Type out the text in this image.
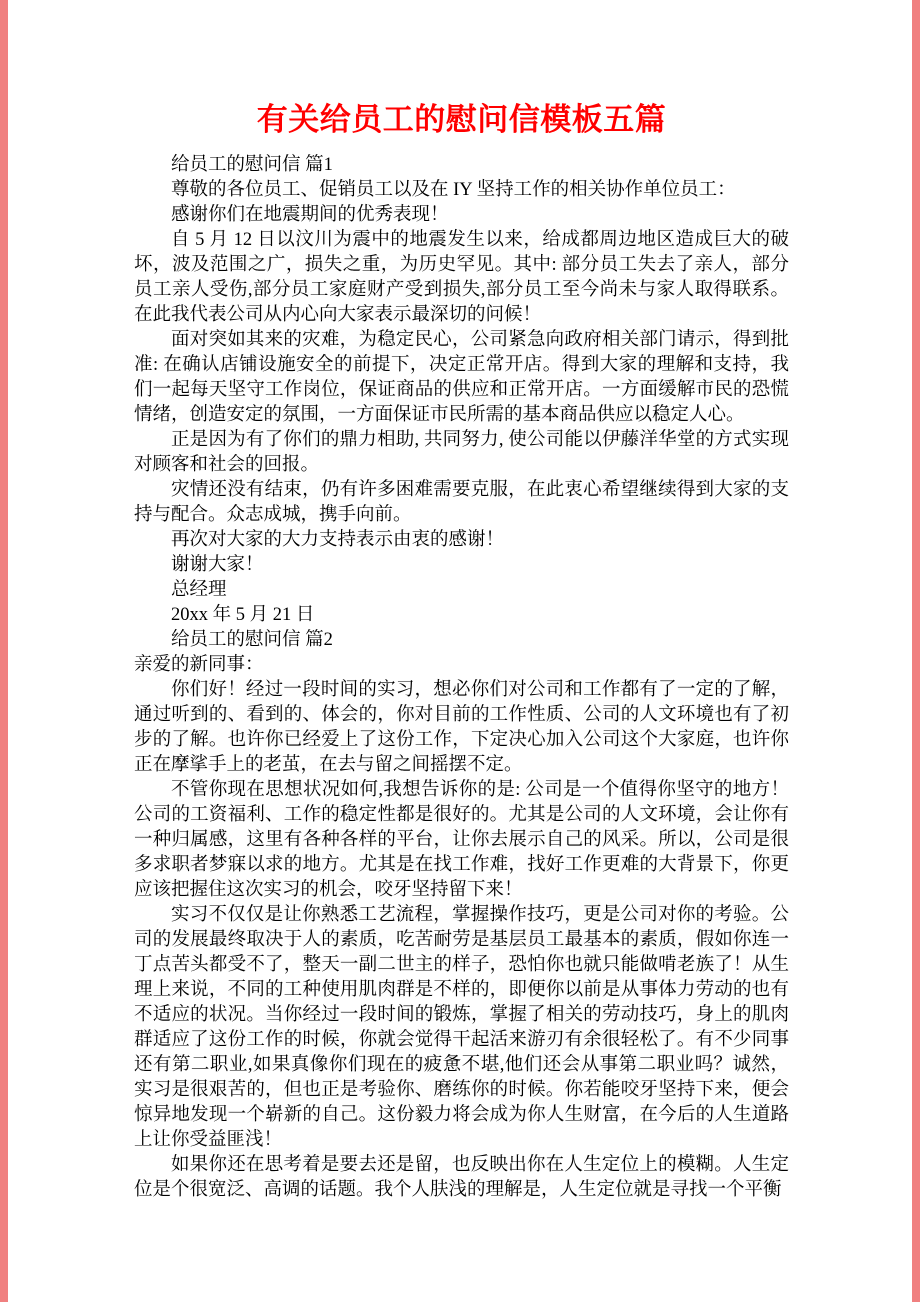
有关给员工的慰问信模板五篇

给员工的慰问信 篇1

尊敬的各位员工、促销员工以及在 IY 坚持工作的相关协作单位员工：

感谢你们在地震期间的优秀表现！

自 5 月 12 日以汶川为震中的地震发生以来，给成都周边地区造成巨大的破坏，波及范围之广，损失之重，为历史罕见。其中: 部分员工失去了亲人，部分员工亲人受伤,部分员工家庭财产受到损失,部分员工至今尚未与家人取得联系。在此我代表公司从内心向大家表示最深切的问候！

面对突如其来的灾难，为稳定民心，公司紧急向政府相关部门请示，得到批准: 在确认店铺设施安全的前提下，决定正常开店。得到大家的理解和支持，我们一起每天坚守工作岗位，保证商品的供应和正常开店。一方面缓解市民的恐慌情绪，创造安定的氛围，一方面保证市民所需的基本商品供应以稳定人心。

正是因为有了你们的鼎力相助, 共同努力, 使公司能以伊藤洋华堂的方式实现对顾客和社会的回报。

灾情还没有结束，仍有许多困难需要克服，在此衷心希望继续得到大家的支持与配合。众志成城，携手向前。

再次对大家的大力支持表示由衷的感谢！

谢谢大家！

总经理

20xx 年 5 月 21 日

给员工的慰问信 篇2

亲爱的新同事：

你们好！经过一段时间的实习，想必你们对公司和工作都有了一定的了解，通过听到的、看到的、体会的，你对目前的工作性质、公司的人文环境也有了初步的了解。也许你已经爱上了这份工作，下定决心加入公司这个大家庭，也许你正在摩挲手上的老茧，在去与留之间摇摆不定。

不管你现在思想状况如何,我想告诉你的是: 公司是一个值得你坚守的地方！公司的工资福利、工作的稳定性都是很好的。尤其是公司的人文环境，会让你有一种归属感，这里有各种各样的平台，让你去展示自己的风采。所以，公司是很多求职者梦寐以求的地方。尤其是在找工作难，找好工作更难的大背景下，你更应该把握住这次实习的机会，咬牙坚持留下来！

实习不仅仅是让你熟悉工艺流程，掌握操作技巧，更是公司对你的考验。公司的发展最终取决于人的素质，吃苦耐劳是基层员工最基本的素质，假如你连一丁点苦头都受不了，整天一副二世主的样子，恐怕你也就只能做啃老族了！从生理上来说，不同的工种使用肌肉群是不样的，即便你以前是从事体力劳动的也有不适应的状况。当你经过一段时间的锻炼，掌握了相关的劳动技巧，身上的肌肉群适应了这份工作的时候，你就会觉得干起活来游刃有余很轻松了。有不少同事还有第二职业,如果真像你们现在的疲惫不堪,他们还会从事第二职业吗？诚然，实习是很艰苦的，但也正是考验你、磨练你的时候。你若能咬牙坚持下来，便会惊异地发现一个崭新的自己。这份毅力将会成为你人生财富，在今后的人生道路上让你受益匪浅！

如果你还在思考着是要去还是留，也反映出你在人生定位上的模糊。人生定位是个很宽泛、高调的话题。我个人肤浅的理解是，人生定位就是寻找一个平衡
